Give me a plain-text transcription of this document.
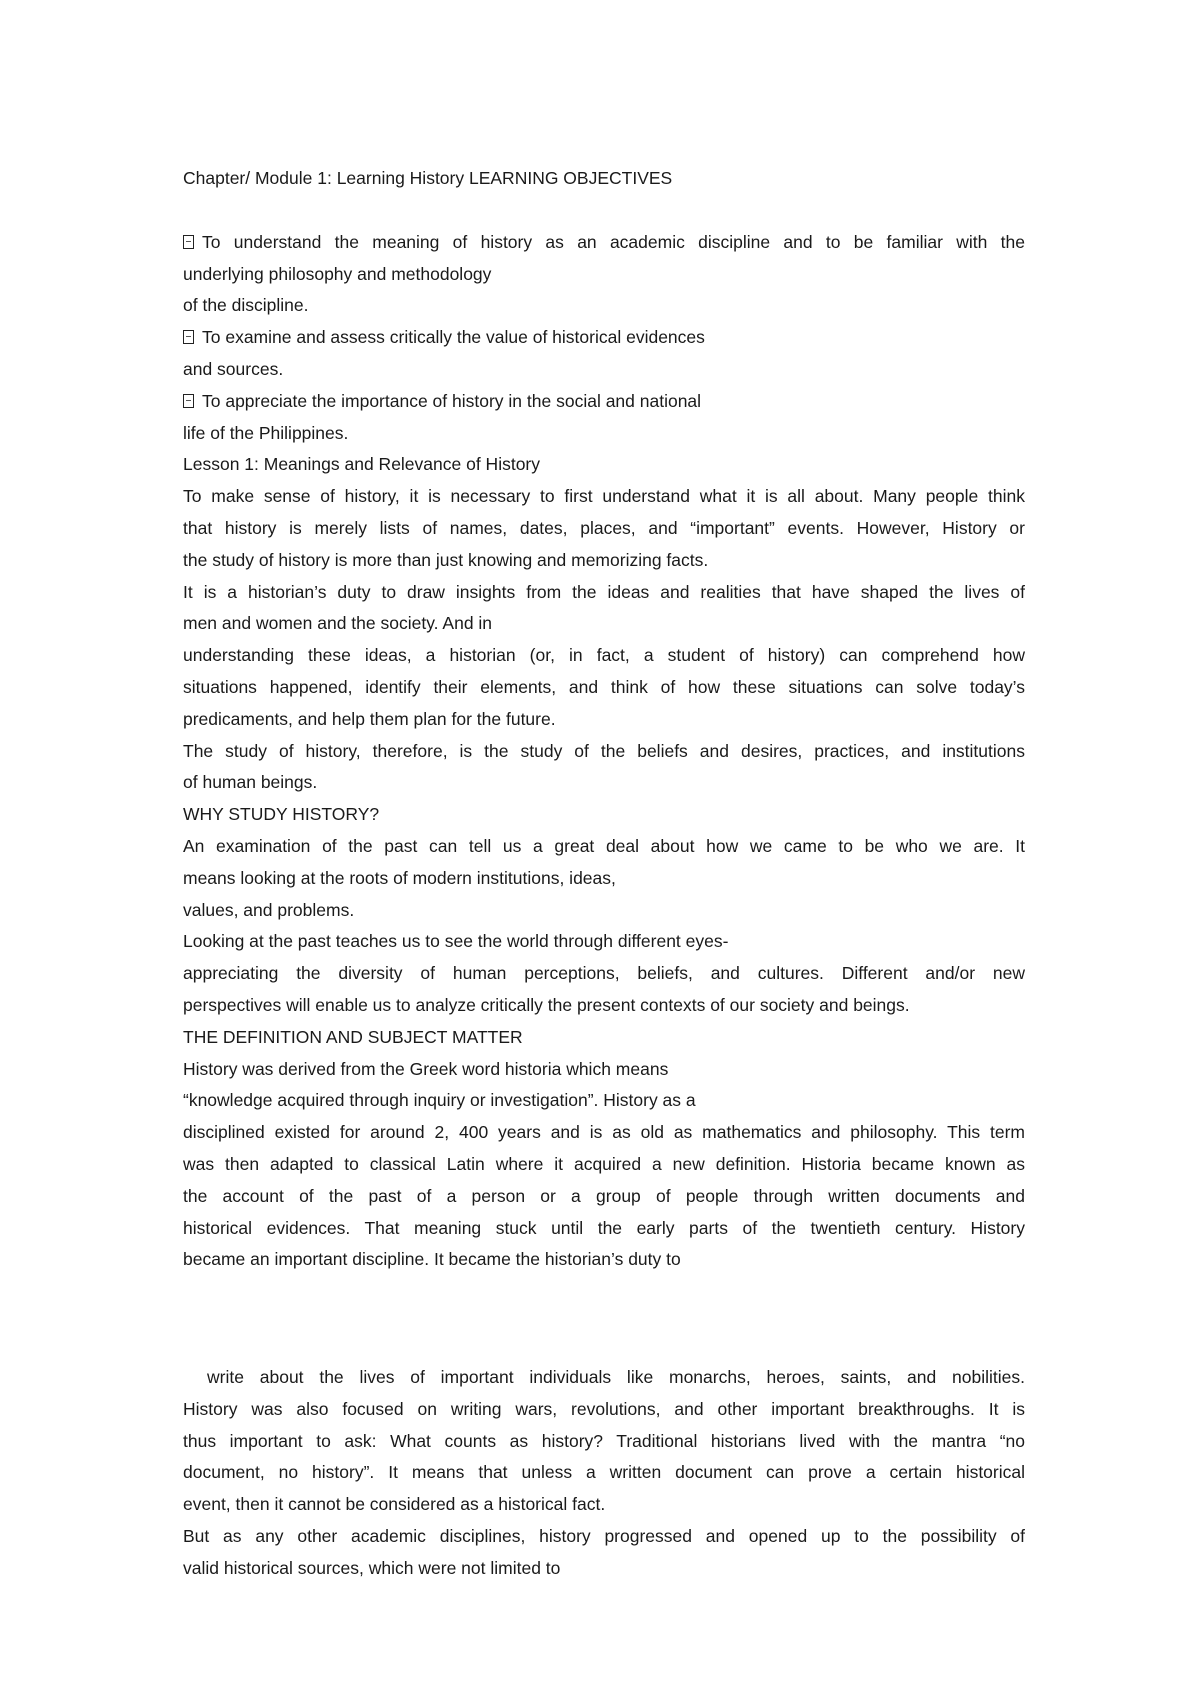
Chapter/ Module 1: Learning History LEARNING OBJECTIVES
To understand the meaning of history as an academic discipline and to be familiar with the
underlying philosophy and methodology
of the discipline.
To examine and assess critically the value of historical evidences
and sources.
To appreciate the importance of history in the social and national
life of the Philippines.
Lesson 1: Meanings and Relevance of History
To make sense of history, it is necessary to first understand what it is all about. Many people think
that history is merely lists of names, dates, places, and “important” events. However, History or
the study of history is more than just knowing and memorizing facts.
It is a historian’s duty to draw insights from the ideas and realities that have shaped the lives of
men and women and the society. And in
understanding these ideas, a historian (or, in fact, a student of history) can comprehend how
situations happened, identify their elements, and think of how these situations can solve today’s
predicaments, and help them plan for the future.
The study of history, therefore, is the study of the beliefs and desires, practices, and institutions
of human beings.
WHY STUDY HISTORY?
An examination of the past can tell us a great deal about how we came to be who we are. It
means looking at the roots of modern institutions, ideas,
values, and problems.
Looking at the past teaches us to see the world through different eyes-
appreciating the diversity of human perceptions, beliefs, and cultures. Different and/or new
perspectives will enable us to analyze critically the present contexts of our society and beings.
THE DEFINITION AND SUBJECT MATTER
History was derived from the Greek word historia which means
“knowledge acquired through inquiry or investigation”. History as a
disciplined existed for around 2, 400 years and is as old as mathematics and philosophy. This term
was then adapted to classical Latin where it acquired a new definition. Historia became known as
the account of the past of a person or a group of people through written documents and
historical evidences. That meaning stuck until the early parts of the twentieth century. History
became an important discipline. It became the historian’s duty to
write about the lives of important individuals like monarchs, heroes, saints, and nobilities.
History was also focused on writing wars, revolutions, and other important breakthroughs. It is
thus important to ask: What counts as history? Traditional historians lived with the mantra “no
document, no history”. It means that unless a written document can prove a certain historical
event, then it cannot be considered as a historical fact.
But as any other academic disciplines, history progressed and opened up to the possibility of
valid historical sources, which were not limited to
